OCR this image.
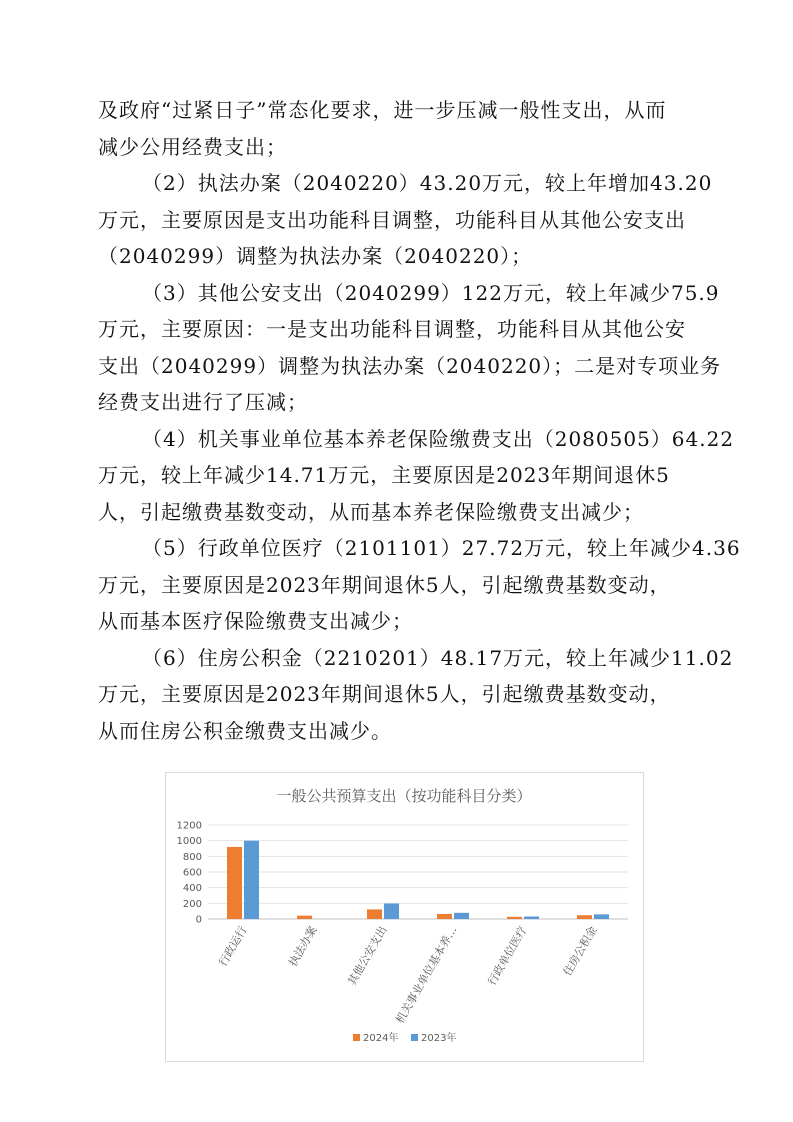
及政府“过紧日子”常态化要求，进一步压减一般性支出，从而
减少公用经费支出；
（2）执法办案（2040220）43.20万元，较上年增加43.20
万元，主要原因是支出功能科目调整，功能科目从其他公安支出
（2040299）调整为执法办案（2040220）；
（3）其他公安支出（2040299）122万元，较上年减少75.9
万元，主要原因：一是支出功能科目调整，功能科目从其他公安
支出（2040299）调整为执法办案（2040220）；二是对专项业务
经费支出进行了压减；
（4）机关事业单位基本养老保险缴费支出（2080505）64.22
万元，较上年减少14.71万元，主要原因是2023年期间退休5
人，引起缴费基数变动，从而基本养老保险缴费支出减少；
（5）行政单位医疗（2101101）27.72万元，较上年减少4.36
万元，主要原因是2023年期间退休5人，引起缴费基数变动，
从而基本医疗保险缴费支出减少；
（6）住房公积金（2210201）48.17万元，较上年减少11.02
万元，主要原因是2023年期间退休5人，引起缴费基数变动，
从而住房公积金缴费支出减少。
一般公共预算支出（按功能科目分类）
0
200
400
600
800
1000
1200
行政运行	执法办案 其他公安支出 机关事业单位基本养… 行政单位医疗	住房公积金
2024年 2023年
